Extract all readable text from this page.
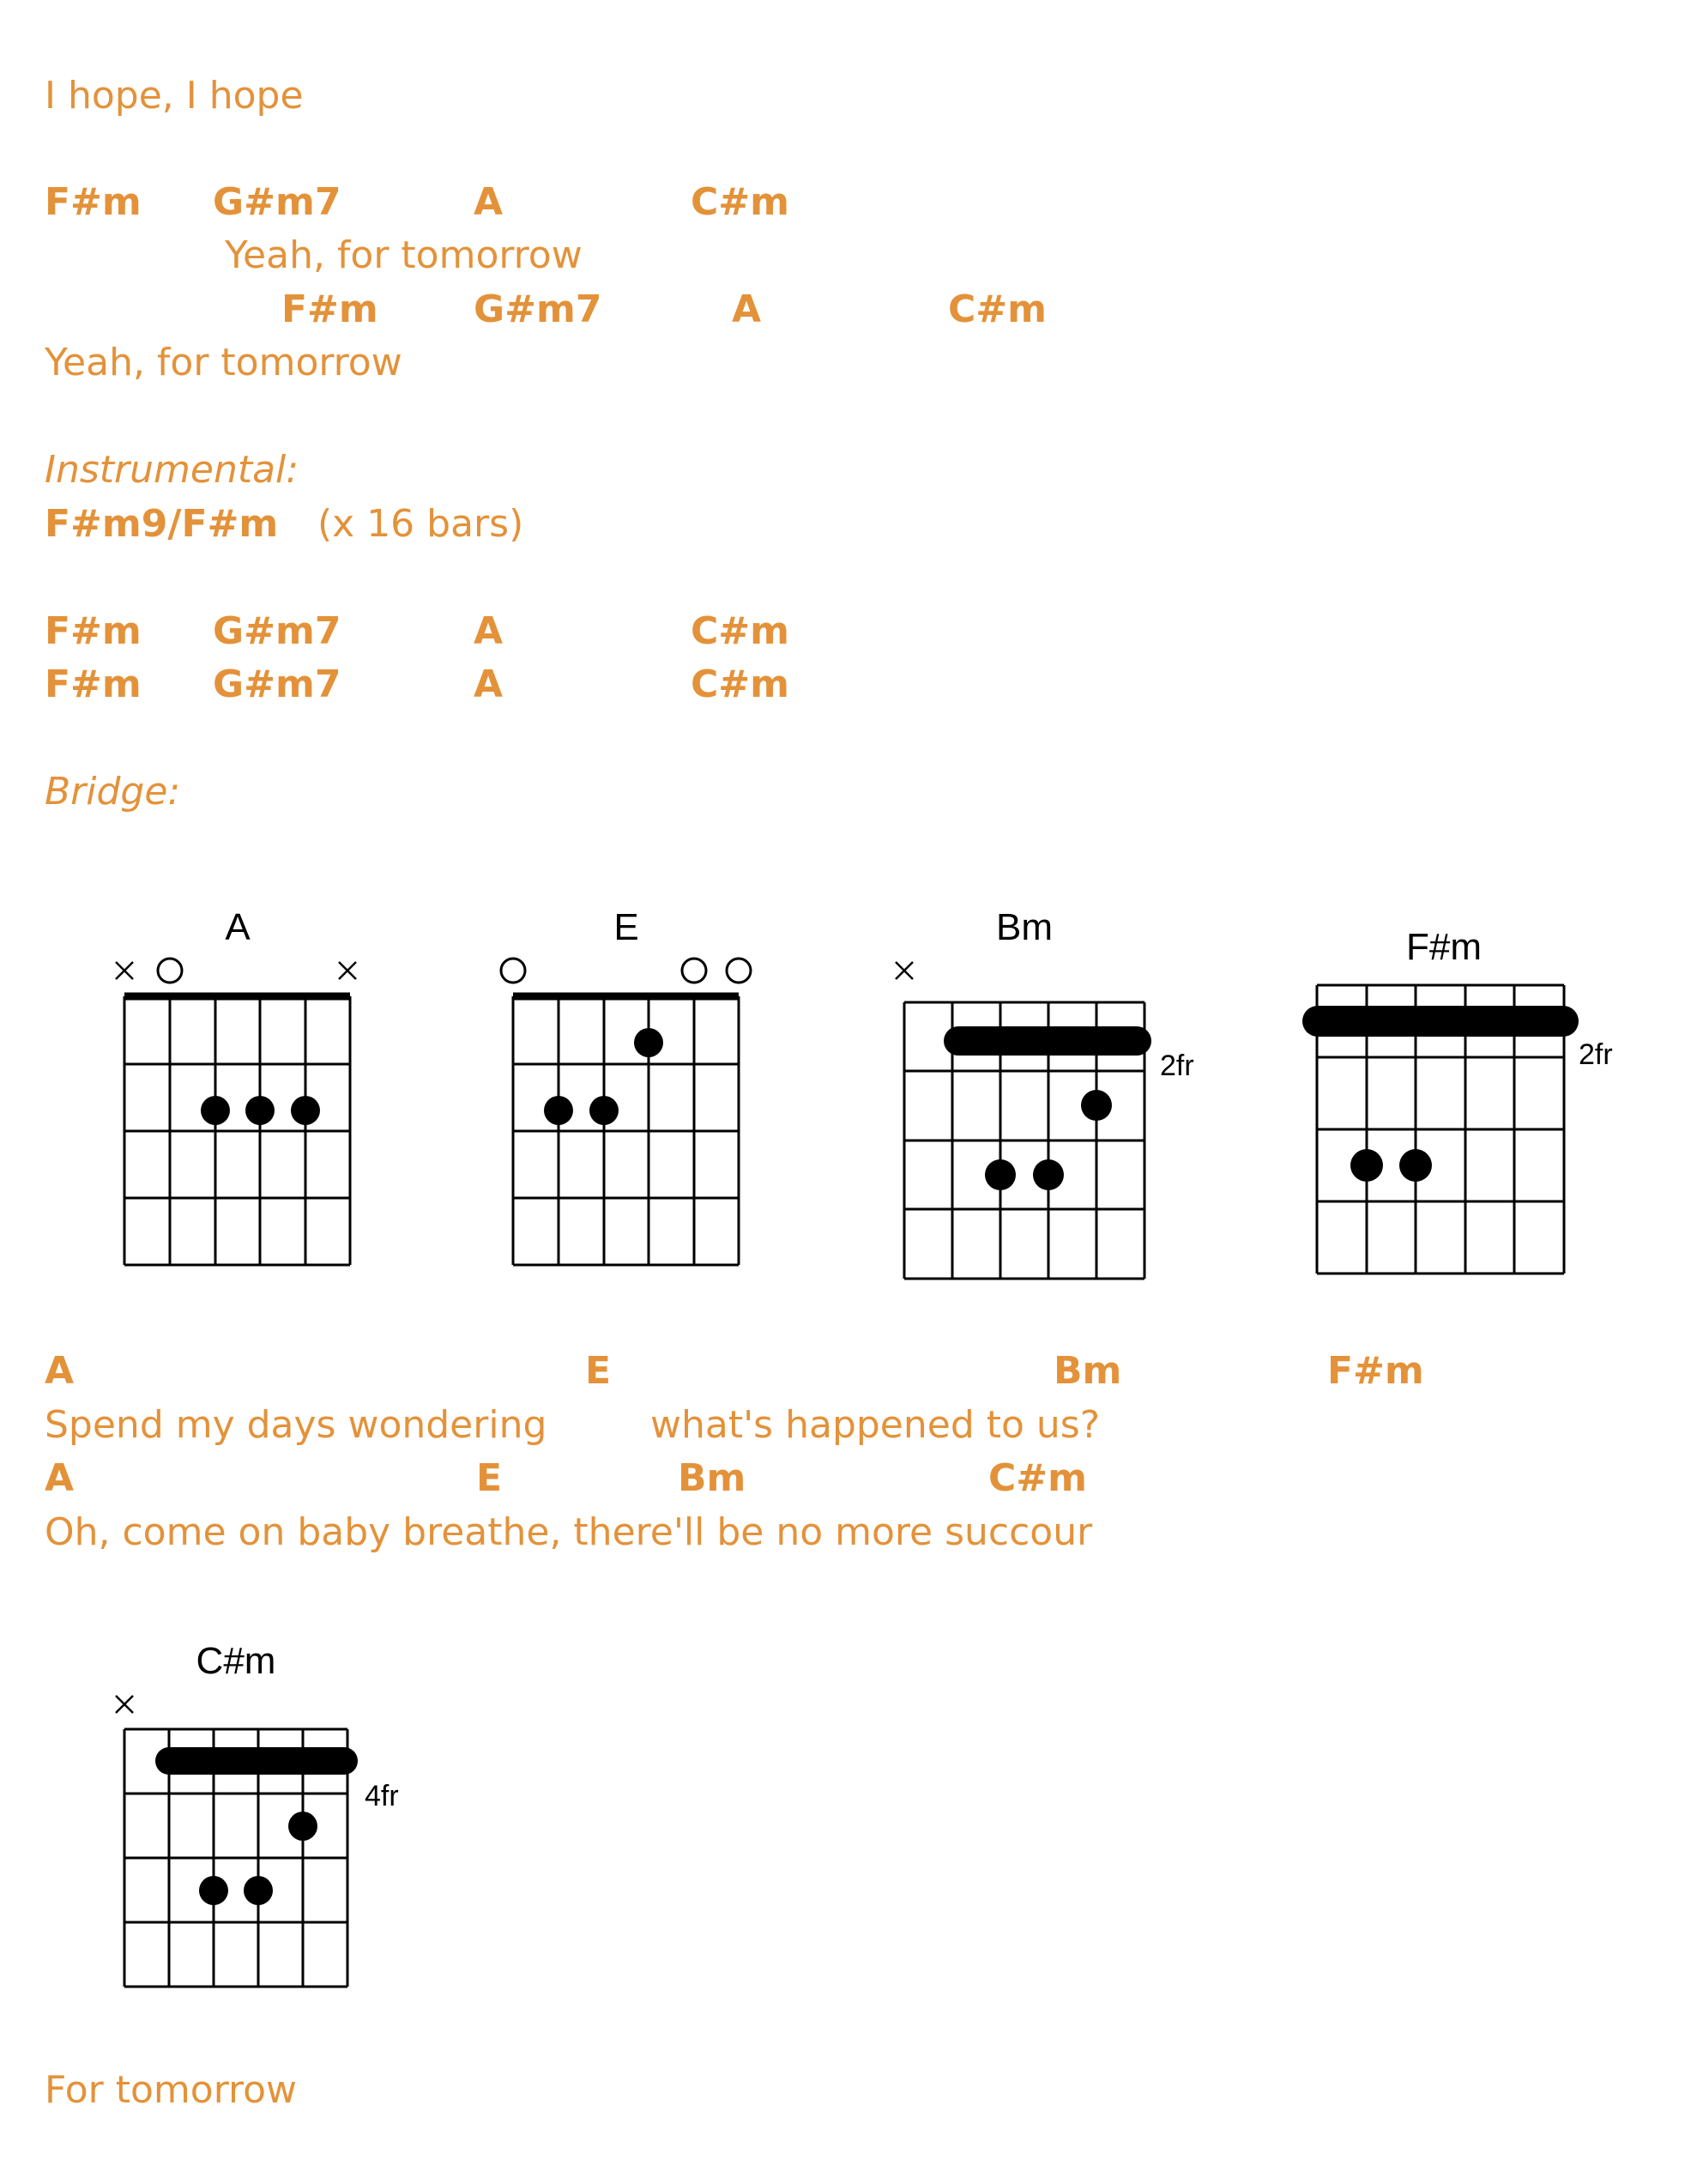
I hope, I hope
F#m G#m7	A	C#m
Yeah, for tomorrow
F#m	G#m7	A	C#m
Yeah, for tomorrow
Instrumental:
F#m9/F#m (x 16 bars)
F#m G#m7	A	C#m
F#m G#m7	A	C#m
Bridge:
A	E	Bm
2fr
F#m
2fr
A	E	Bm	F#m
Spend my days wondering	what's happened to us?
A	E	Bm	C#m
Oh, come on baby breathe, there'll be no more succour
C#m
4fr
For tomorrow
